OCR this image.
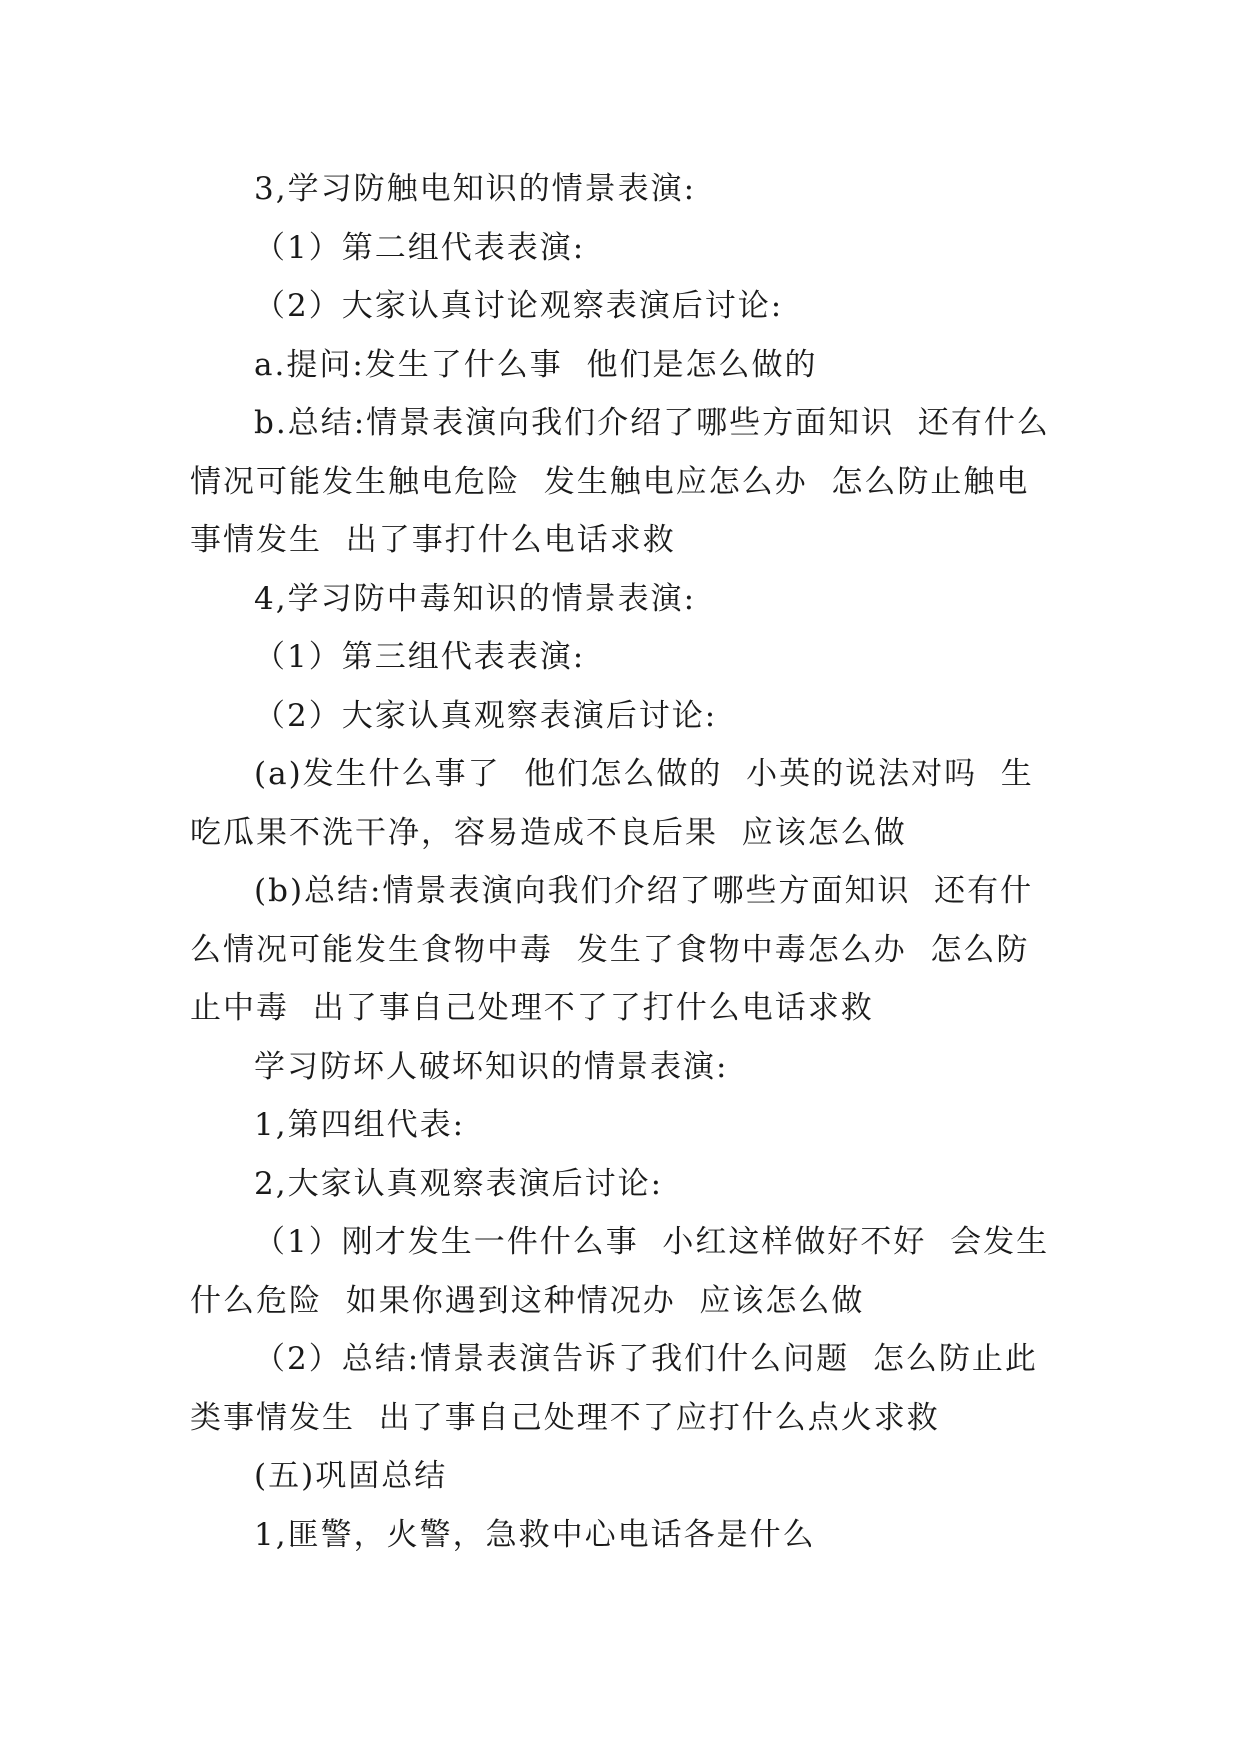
3,学习防触电知识的情景表演:
（1）第二组代表表演:
（2）大家认真讨论观察表演后讨论:
a.提问:发生了什么事  他们是怎么做的
b.总结:情景表演向我们介绍了哪些方面知识  还有什么
情况可能发生触电危险  发生触电应怎么办  怎么防止触电
事情发生  出了事打什么电话求救
4,学习防中毒知识的情景表演:
（1）第三组代表表演:
（2）大家认真观察表演后讨论:
(a)发生什么事了  他们怎么做的  小英的说法对吗  生
吃瓜果不洗干净，容易造成不良后果  应该怎么做
(b)总结:情景表演向我们介绍了哪些方面知识  还有什
么情况可能发生食物中毒  发生了食物中毒怎么办  怎么防
止中毒  出了事自己处理不了了打什么电话求救
学习防坏人破坏知识的情景表演:
1,第四组代表:
2,大家认真观察表演后讨论:
（1）刚才发生一件什么事  小红这样做好不好  会发生
什么危险  如果你遇到这种情况办  应该怎么做
（2）总结:情景表演告诉了我们什么问题  怎么防止此
类事情发生  出了事自己处理不了应打什么点火求救
(五)巩固总结
1,匪警，火警，急救中心电话各是什么
